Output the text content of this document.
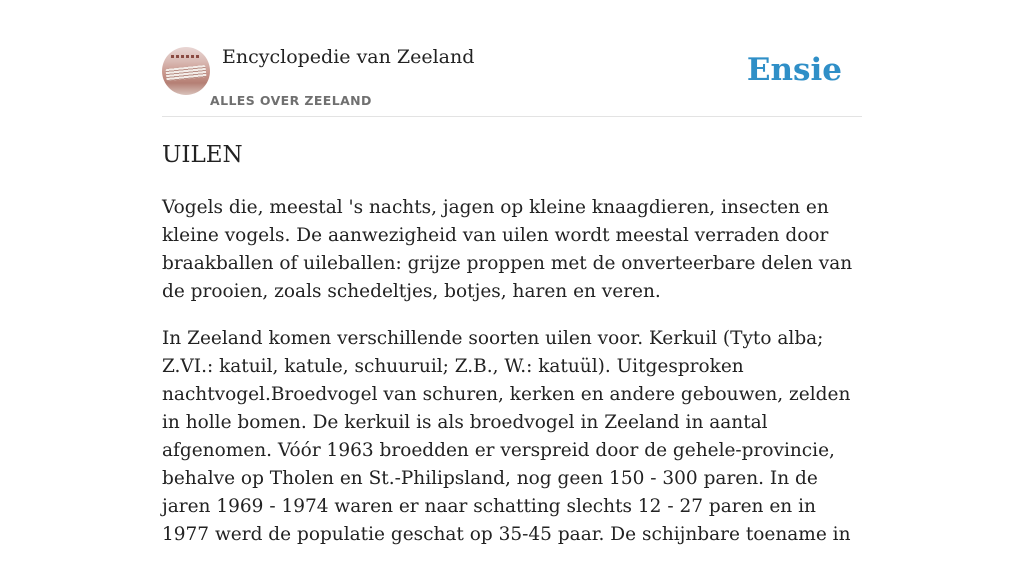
Encyclopedie van Zeeland
ALLES OVER ZEELAND
Ensie
UILEN

Vogels die, meestal 's nachts, jagen op kleine knaagdieren, insecten en kleine vogels. De aanwezigheid van uilen wordt meestal verraden door braakballen of uileballen: grijze proppen met de onverteerbare delen van de prooien, zoals schedeltjes, botjes, haren en veren.

In Zeeland komen verschillende soorten uilen voor. Kerkuil (Tyto alba; Z.VI.: katuil, katule, schuuruil; Z.B., W.: katuül). Uitgesproken nachtvogel.Broedvogel van schuren, kerken en andere gebouwen, zelden in holle bomen. De kerkuil is als broedvogel in Zeeland in aantal afgenomen. Vóór 1963 broedden er verspreid door de gehele-provincie, behalve op Tholen en St.-Philipsland, nog geen 150 - 300 paren. In de jaren 1969 - 1974 waren er naar schatting slechts 12 - 27 paren en in 1977 werd de populatie geschat op 35-45 paar. De schijnbare toename in
